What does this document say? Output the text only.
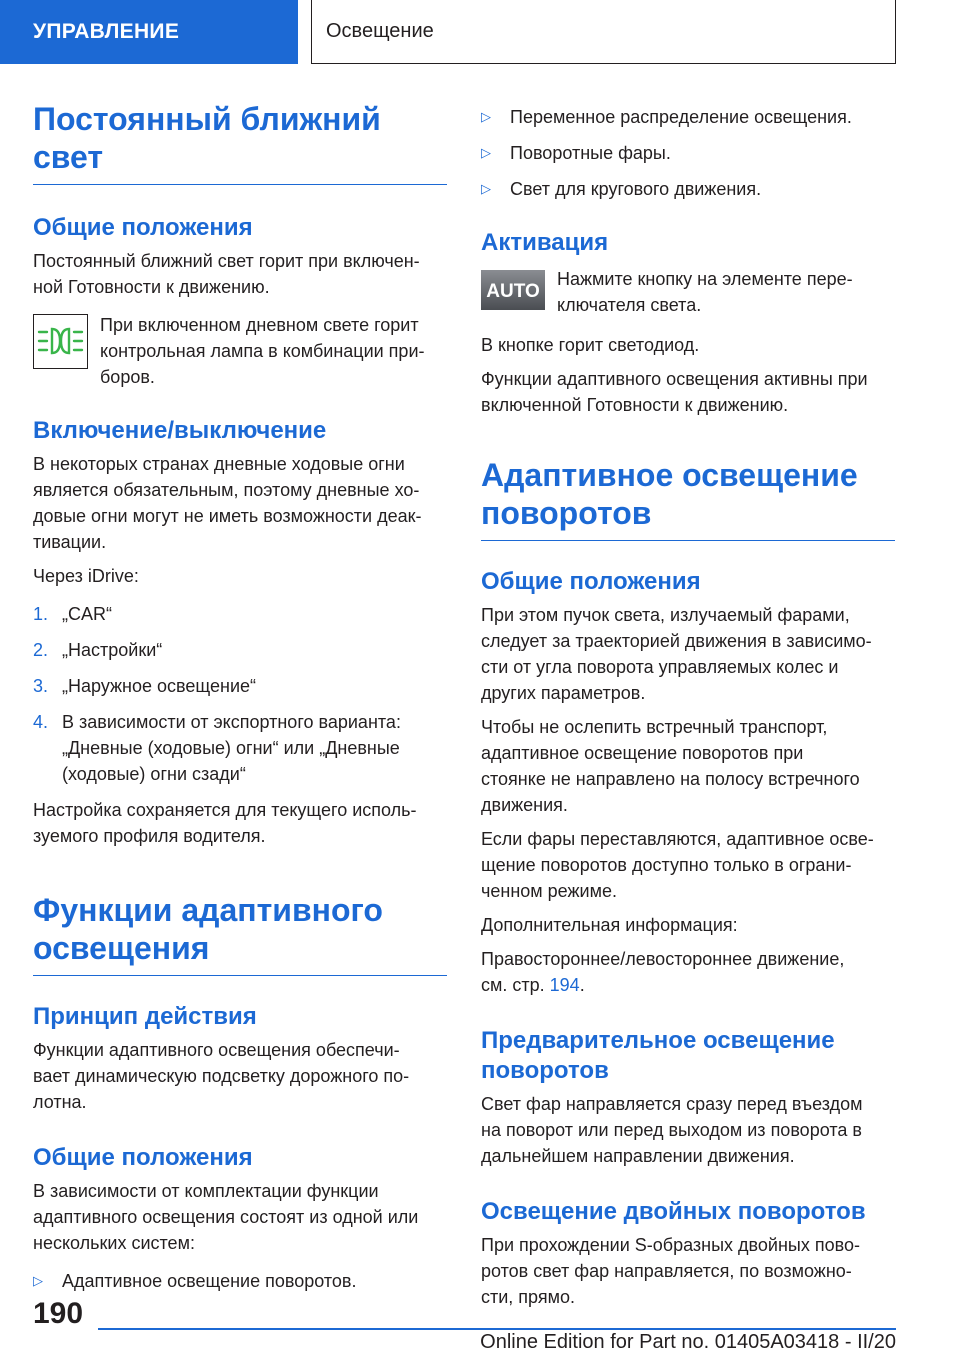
УПРАВЛЕНИЕ	Освещение
Постоянный ближний
свет
Общие положения
Постоянный ближний свет горит при включен-
ной Готовности к движению.
При включенном дневном свете горит
контрольная лампа в комбинации при-
боров.
Включение/выключение
В некоторых странах дневные ходовые огни
является обязательным, поэтому дневные хо-
довые огни могут не иметь возможности деак-
тивации.
Через iDrive:
1. „CAR“
2. „Настройки“
3. „Наружное освещение“
4. В зависимости от экспортного варианта:
„Дневные (ходовые) огни“ или „Дневные
(ходовые) огни сзади“
Настройка сохраняется для текущего исполь-
зуемого профиля водителя.
Функции адаптивного
освещения
Принцип действия
Функции адаптивного освещения обеспечи-
вает динамическую подсветку дорожного по-
лотна.
Общие положения
В зависимости от комплектации функции
адаптивного освещения состоят из одной или
нескольких систем:
▷	Адаптивное освещение поворотов.
▷	Переменное распределение освещения.
▷	Поворотные фары.
▷	Свет для кругового движения.
Активация
AUTO
Нажмите кнопку на элементе пере-
ключателя света.
В кнопке горит светодиод.
Функции адаптивного освещения активны при
включенной Готовности к движению.
Адаптивное освещение
поворотов
Общие положения
При этом пучок света, излучаемый фарами,
следует за траекторией движения в зависимо-
сти от угла поворота управляемых колес и
других параметров.
Чтобы не ослепить встречный транспорт,
адаптивное освещение поворотов при
стоянке не направлено на полосу встречного
движения.
Если фары переставляются, адаптивное осве-
щение поворотов доступно только в ограни-
ченном режиме.
Дополнительная информация:
Правостороннее/левостороннее движение,
см. стр. 194.
Предварительное освещение
поворотов
Свет фар направляется сразу перед въездом
на поворот или перед выходом из поворота в
дальнейшем направлении движения.
Освещение двойных поворотов
При прохождении S-образных двойных пово-
ротов свет фар направляется, по возможно-
сти, прямо.
190
Online Edition for Part no. 01405A03418 - II/20
